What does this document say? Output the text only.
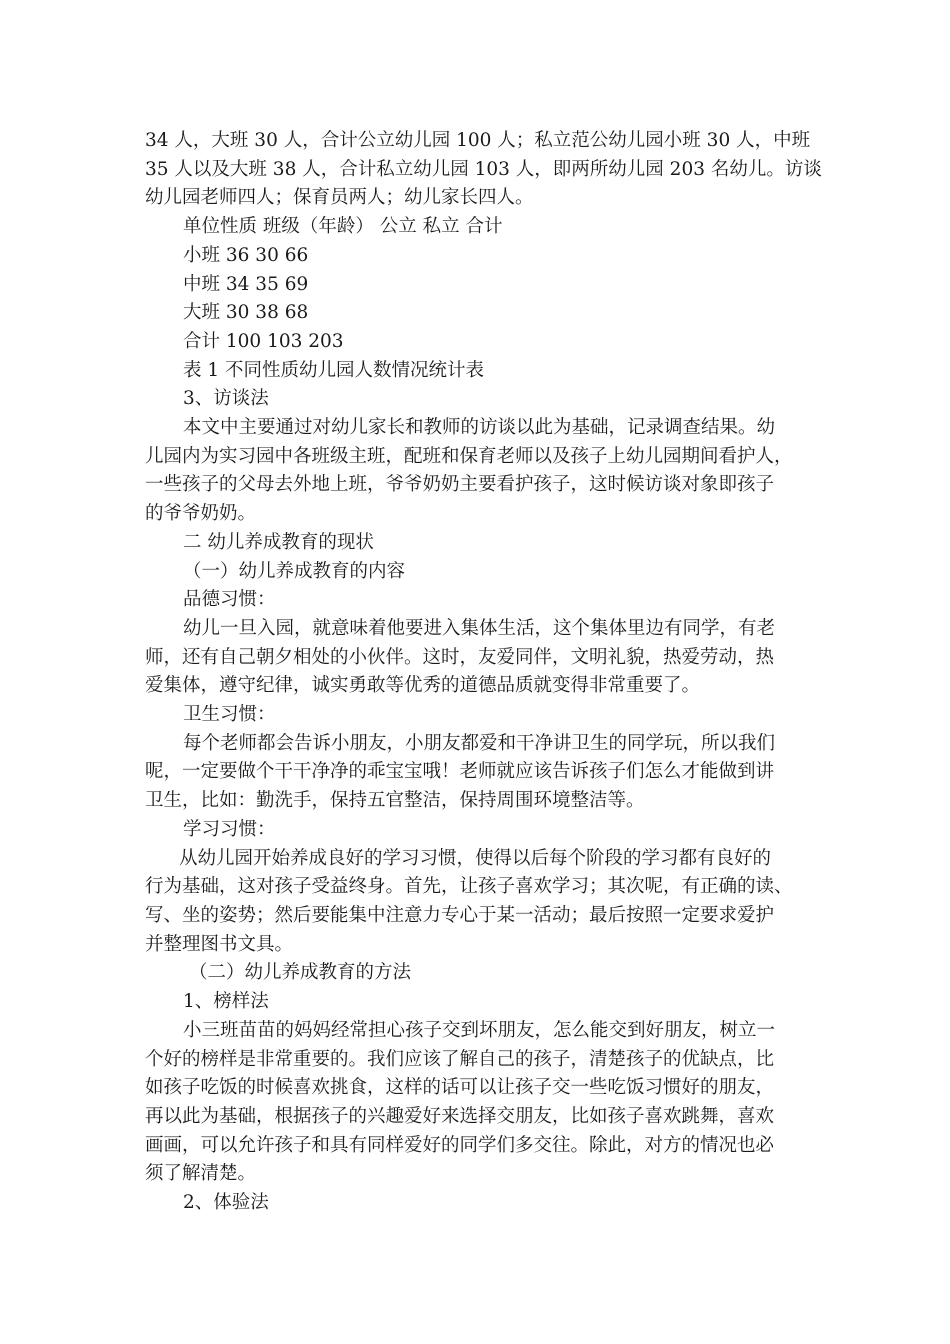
34 人，大班 30 人，合计公立幼儿园 100 人；私立范公幼儿园小班 30 人，中班

35 人以及大班 38 人，合计私立幼儿园 103 人，即两所幼儿园 203 名幼儿。访谈

幼儿园老师四人；保育员两人；幼儿家长四人。

单位性质 班级（年龄） 公立 私立 合计

小班 36 30 66

中班 34 35 69

大班 30 38 68

合计 100 103 203

表 1 不同性质幼儿园人数情况统计表

3、访谈法

本文中主要通过对幼儿家长和教师的访谈以此为基础，记录调查结果。幼

儿园内为实习园中各班级主班，配班和保育老师以及孩子上幼儿园期间看护人，

一些孩子的父母去外地上班，爷爷奶奶主要看护孩子，这时候访谈对象即孩子

的爷爷奶奶。

二 幼儿养成教育的现状

（一）幼儿养成教育的内容

品德习惯：

幼儿一旦入园，就意味着他要进入集体生活，这个集体里边有同学，有老

师，还有自己朝夕相处的小伙伴。这时，友爱同伴，文明礼貌，热爱劳动，热

爱集体，遵守纪律，诚实勇敢等优秀的道德品质就变得非常重要了。

卫生习惯：

每个老师都会告诉小朋友，小朋友都爱和干净讲卫生的同学玩，所以我们

呢，一定要做个干干净净的乖宝宝哦！老师就应该告诉孩子们怎么才能做到讲

卫生，比如：勤洗手，保持五官整洁，保持周围环境整洁等。

学习习惯：

从幼儿园开始养成良好的学习习惯，使得以后每个阶段的学习都有良好的

行为基础，这对孩子受益终身。首先，让孩子喜欢学习；其次呢，有正确的读、

写、坐的姿势；然后要能集中注意力专心于某一活动；最后按照一定要求爱护

并整理图书文具。

（二）幼儿养成教育的方法

1、榜样法

小三班苗苗的妈妈经常担心孩子交到坏朋友，怎么能交到好朋友，树立一

个好的榜样是非常重要的。我们应该了解自己的孩子，清楚孩子的优缺点，比

如孩子吃饭的时候喜欢挑食，这样的话可以让孩子交一些吃饭习惯好的朋友，

再以此为基础，根据孩子的兴趣爱好来选择交朋友，比如孩子喜欢跳舞，喜欢

画画，可以允许孩子和具有同样爱好的同学们多交往。除此，对方的情况也必

须了解清楚。

2、体验法
